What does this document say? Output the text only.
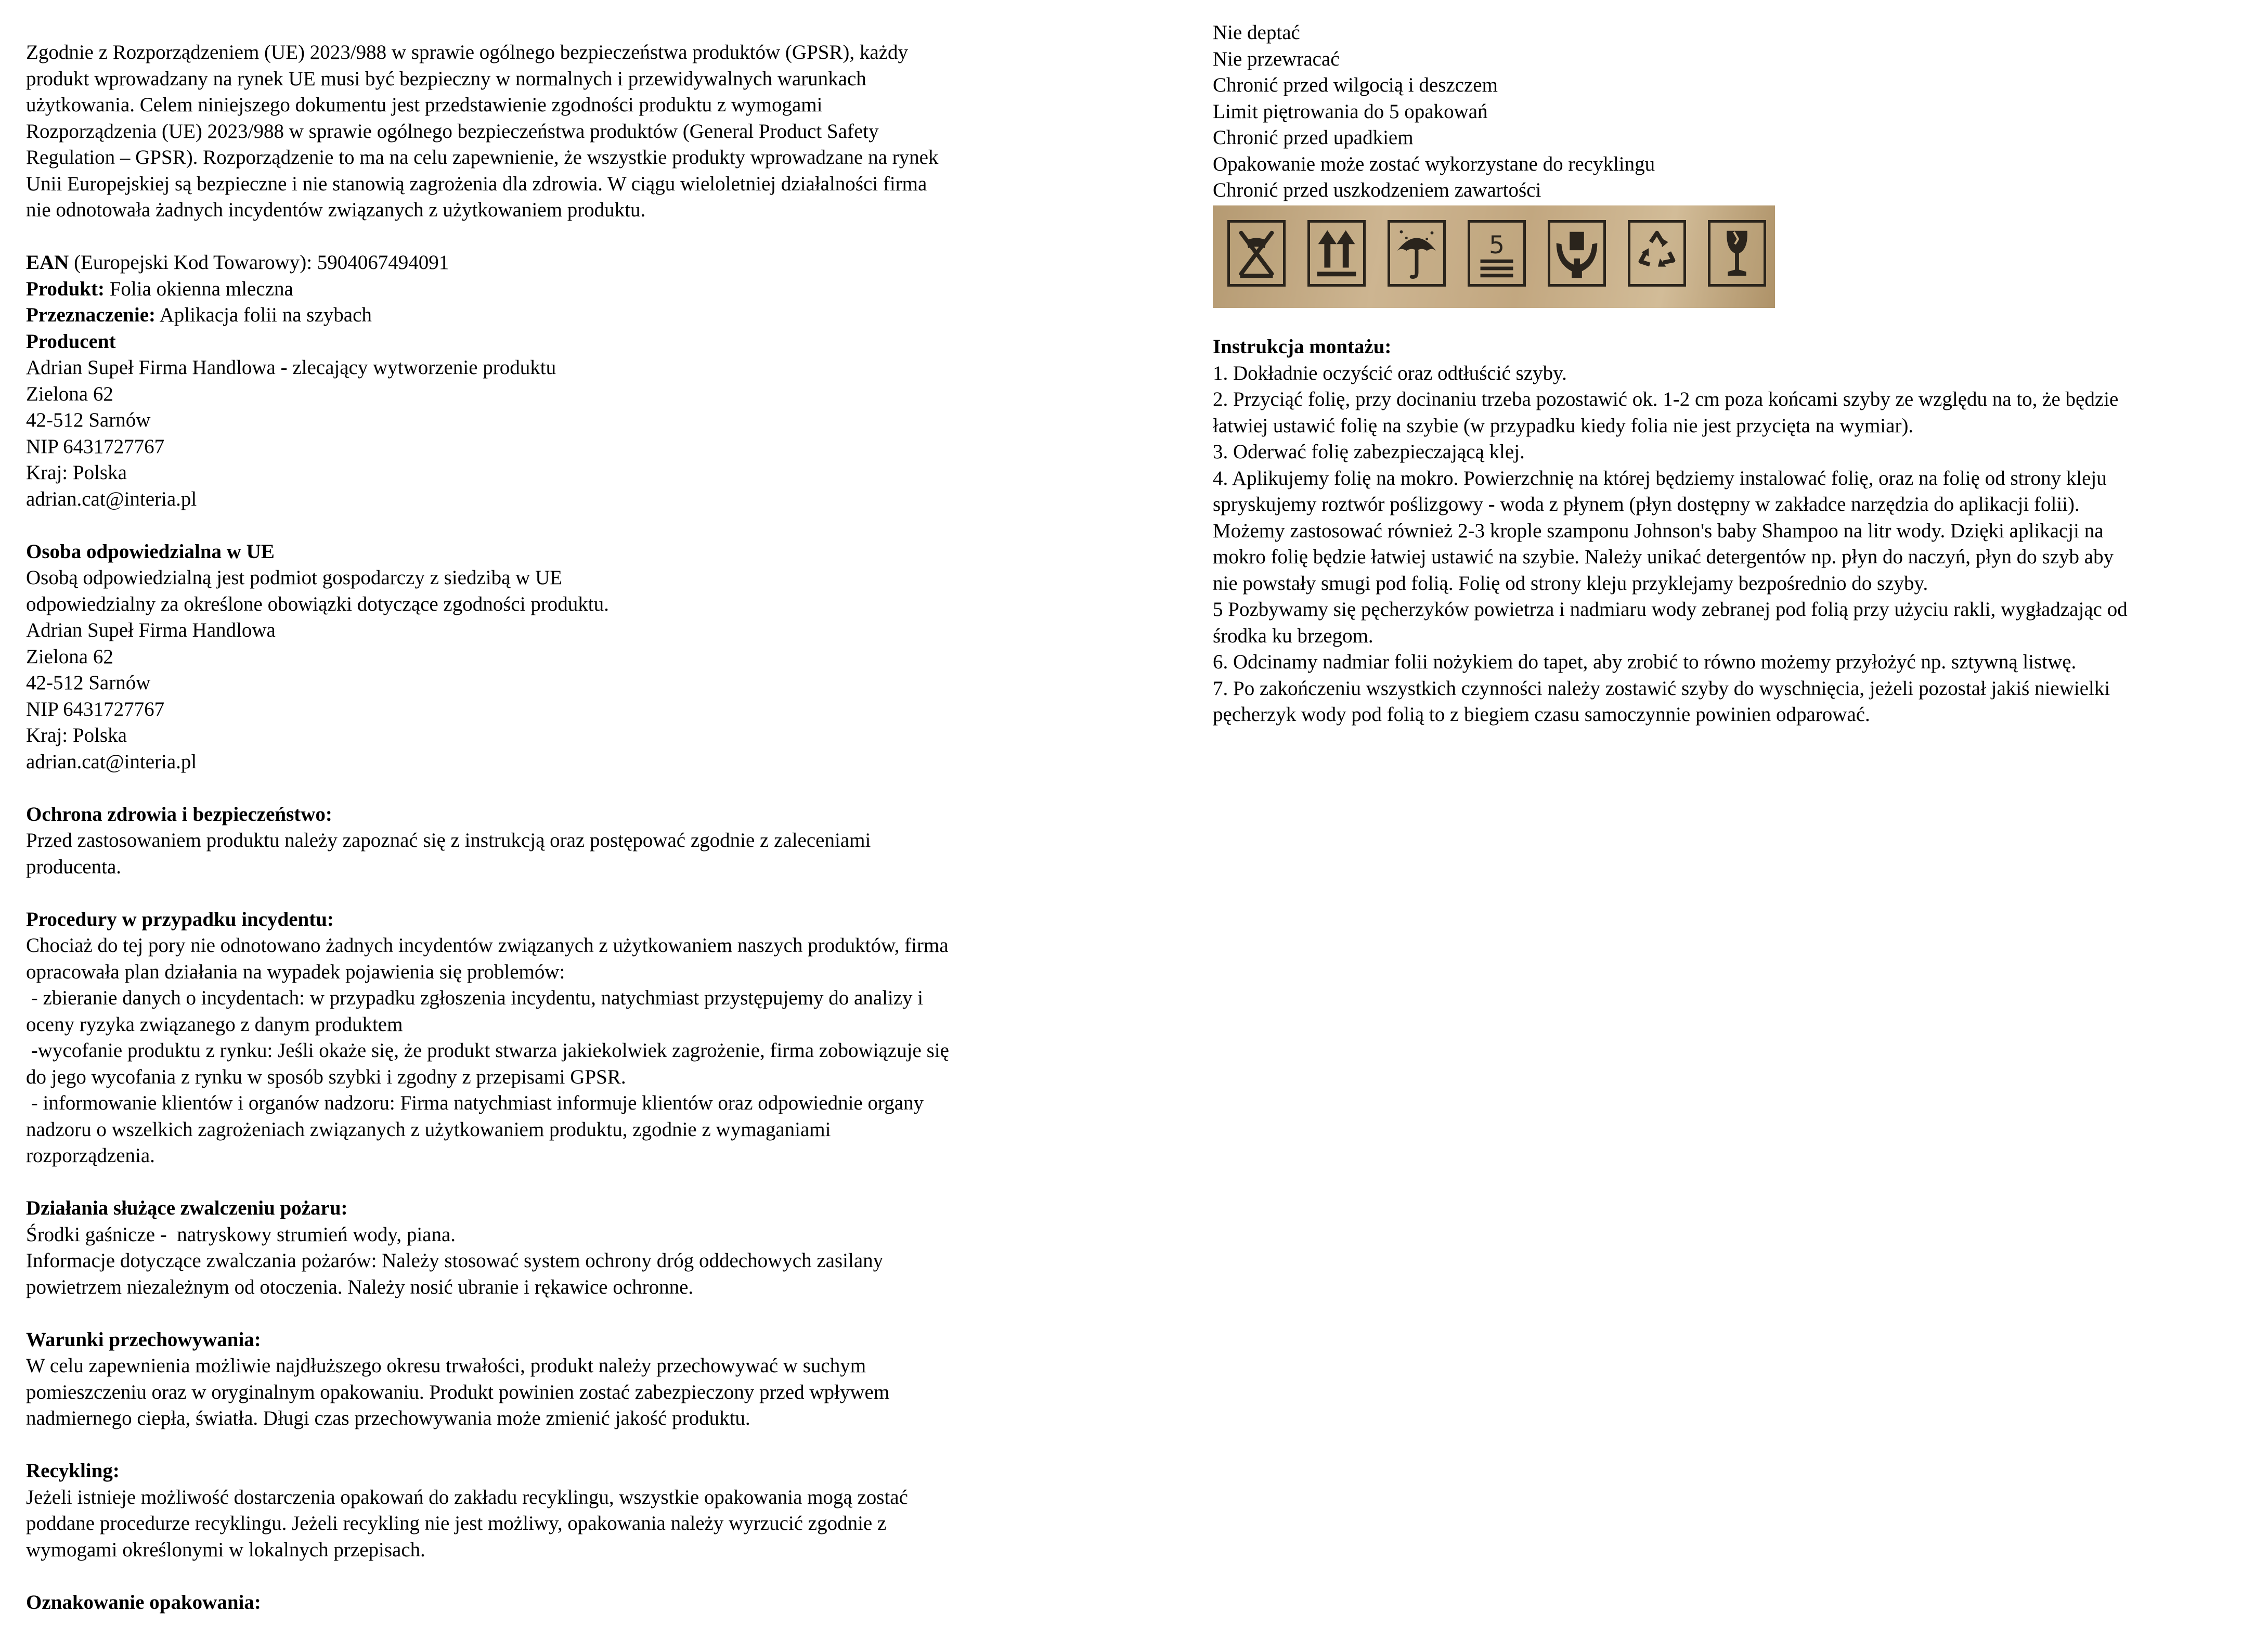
Zgodnie z Rozporządzeniem (UE) 2023/988 w sprawie ogólnego bezpieczeństwa produktów (GPSR), każdy
produkt wprowadzany na rynek UE musi być bezpieczny w normalnych i przewidywalnych warunkach
użytkowania. Celem niniejszego dokumentu jest przedstawienie zgodności produktu z wymogami
Rozporządzenia (UE) 2023/988 w sprawie ogólnego bezpieczeństwa produktów (General Product Safety
Regulation – GPSR). Rozporządzenie to ma na celu zapewnienie, że wszystkie produkty wprowadzane na rynek
Unii Europejskiej są bezpieczne i nie stanowią zagrożenia dla zdrowia. W ciągu wieloletniej działalności firma
nie odnotowała żadnych incydentów związanych z użytkowaniem produktu.
EAN (Europejski Kod Towarowy): 5904067494091
Produkt: Folia okienna mleczna
Przeznaczenie: Aplikacja folii na szybach
Producent
Adrian Supeł Firma Handlowa - zlecający wytworzenie produktu
Zielona 62
42-512 Sarnów
NIP 6431727767
Kraj: Polska
adrian.cat@interia.pl
Osoba odpowiedzialna w UE
Osobą odpowiedzialną jest podmiot gospodarczy z siedzibą w UE
odpowiedzialny za określone obowiązki dotyczące zgodności produktu.
Adrian Supeł Firma Handlowa
Zielona 62
42-512 Sarnów
NIP 6431727767
Kraj: Polska
adrian.cat@interia.pl
Ochrona zdrowia i bezpieczeństwo:
Przed zastosowaniem produktu należy zapoznać się z instrukcją oraz postępować zgodnie z zaleceniami
producenta.
Procedury w przypadku incydentu:
Chociaż do tej pory nie odnotowano żadnych incydentów związanych z użytkowaniem naszych produktów, firma
opracowała plan działania na wypadek pojawienia się problemów:
- zbieranie danych o incydentach: w przypadku zgłoszenia incydentu, natychmiast przystępujemy do analizy i
oceny ryzyka związanego z danym produktem
-wycofanie produktu z rynku: Jeśli okaże się, że produkt stwarza jakiekolwiek zagrożenie, firma zobowiązuje się
do jego wycofania z rynku w sposób szybki i zgodny z przepisami GPSR.
- informowanie klientów i organów nadzoru: Firma natychmiast informuje klientów oraz odpowiednie organy
nadzoru o wszelkich zagrożeniach związanych z użytkowaniem produktu, zgodnie z wymaganiami
rozporządzenia.
Działania służące zwalczeniu pożaru:
Środki gaśnicze -  natryskowy strumień wody, piana.
Informacje dotyczące zwalczania pożarów: Należy stosować system ochrony dróg oddechowych zasilany
powietrzem niezależnym od otoczenia. Należy nosić ubranie i rękawice ochronne.
Warunki przechowywania:
W celu zapewnienia możliwie najdłuższego okresu trwałości, produkt należy przechowywać w suchym
pomieszczeniu oraz w oryginalnym opakowaniu. Produkt powinien zostać zabezpieczony przed wpływem
nadmiernego ciepła, światła. Długi czas przechowywania może zmienić jakość produktu.
Recykling:
Jeżeli istnieje możliwość dostarczenia opakowań do zakładu recyklingu, wszystkie opakowania mogą zostać
poddane procedurze recyklingu. Jeżeli recykling nie jest możliwy, opakowania należy wyrzucić zgodnie z
wymogami określonymi w lokalnych przepisach.
Oznakowanie opakowania:
Nie deptać
Nie przewracać
Chronić przed wilgocią i deszczem
Limit piętrowania do 5 opakowań
Chronić przed upadkiem
Opakowanie może zostać wykorzystane do recyklingu
Chronić przed uszkodzeniem zawartości
5
Instrukcja montażu:
1. Dokładnie oczyścić oraz odtłuścić szyby.
2. Przyciąć folię, przy docinaniu trzeba pozostawić ok. 1-2 cm poza końcami szyby ze względu na to, że będzie
łatwiej ustawić folię na szybie (w przypadku kiedy folia nie jest przycięta na wymiar).
3. Oderwać folię zabezpieczającą klej.
4. Aplikujemy folię na mokro. Powierzchnię na której będziemy instalować folię, oraz na folię od strony kleju
spryskujemy roztwór poślizgowy - woda z płynem (płyn dostępny w zakładce narzędzia do aplikacji folii).
Możemy zastosować również 2-3 krople szamponu Johnson's baby Shampoo na litr wody. Dzięki aplikacji na
mokro folię będzie łatwiej ustawić na szybie. Należy unikać detergentów np. płyn do naczyń, płyn do szyb aby
nie powstały smugi pod folią. Folię od strony kleju przyklejamy bezpośrednio do szyby.
5 Pozbywamy się pęcherzyków powietrza i nadmiaru wody zebranej pod folią przy użyciu rakli, wygładzając od
środka ku brzegom.
6. Odcinamy nadmiar folii nożykiem do tapet, aby zrobić to równo możemy przyłożyć np. sztywną listwę.
7. Po zakończeniu wszystkich czynności należy zostawić szyby do wyschnięcia, jeżeli pozostał jakiś niewielki
pęcherzyk wody pod folią to z biegiem czasu samoczynnie powinien odparować.
